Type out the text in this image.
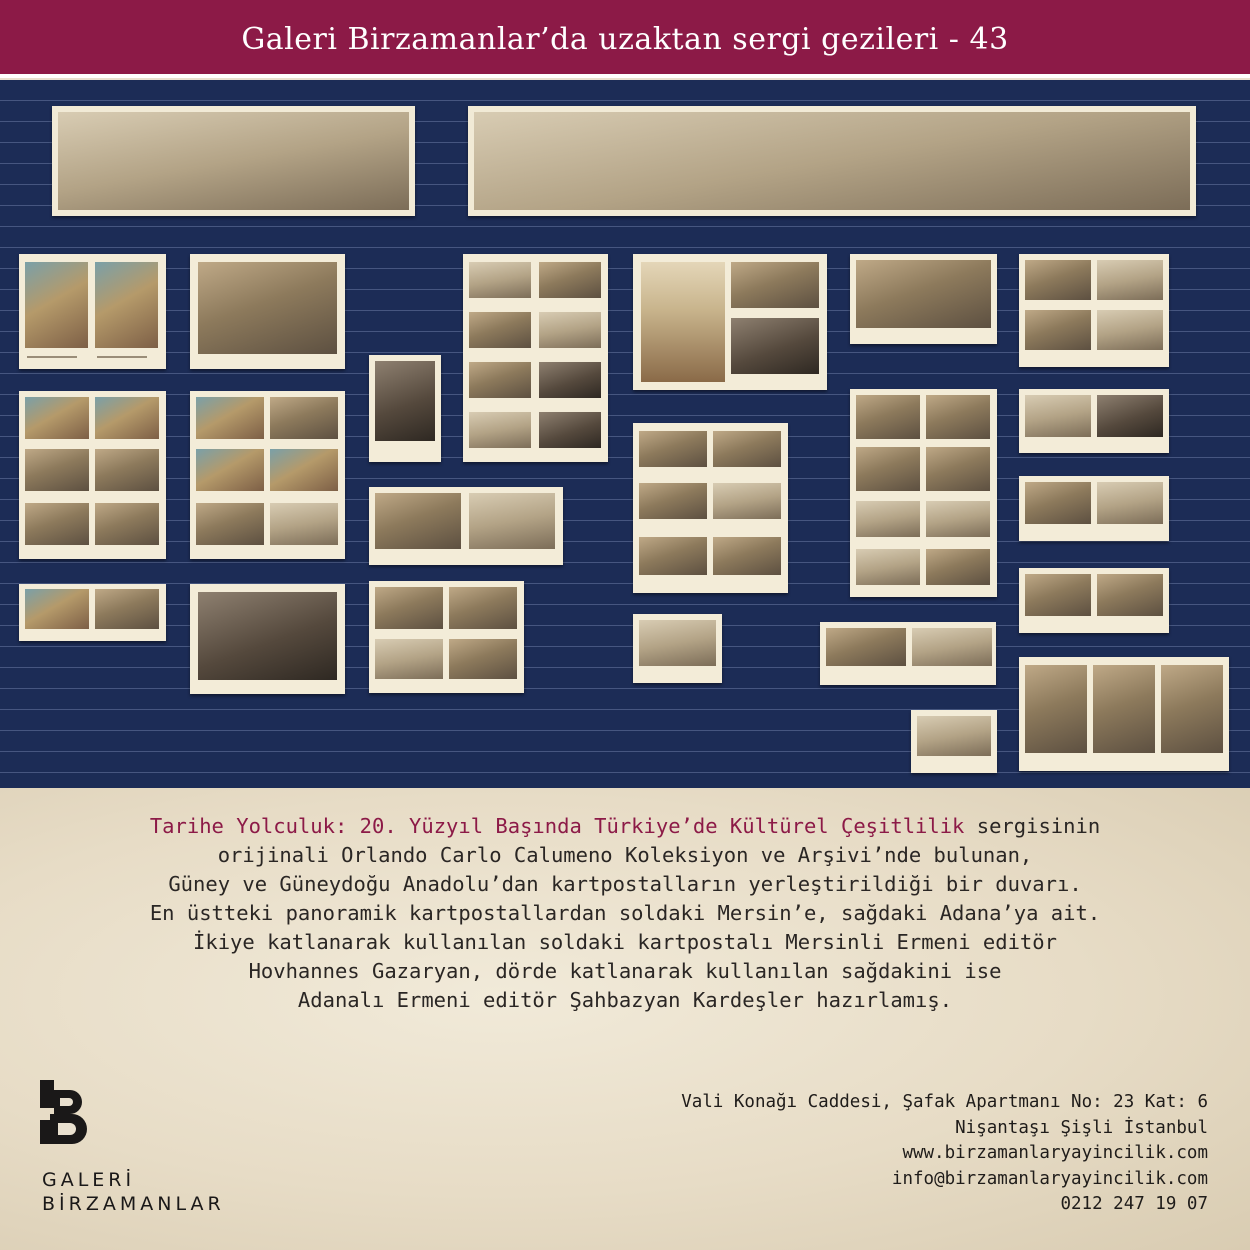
Galeri Birzamanlar’da uzaktan sergi gezileri - 43

Tarihe Yolculuk: 20. Yüzyıl Başında Türkiye’de Kültürel Çeşitlilik sergisinin

orijinali Orlando Carlo Calumeno Koleksiyon ve Arşivi’nde bulunan,

Güney ve Güneydoğu Anadolu’dan kartpostalların yerleştirildiği bir duvarı.

En üstteki panoramik kartpostallardan soldaki Mersin’e, sağdaki Adana’ya ait.

İkiye katlanarak kullanılan soldaki kartpostalı Mersinli Ermeni editör

Hovhannes Gazaryan, dörde katlanarak kullanılan sağdakini ise

Adanalı Ermeni editör Şahbazyan Kardeşler hazırlamış.

GALERİ
BİRZAMANLAR
Vali Konağı Caddesi, Şafak Apartmanı No: 23 Kat: 6
Nişantaşı Şişli İstanbul
www.birzamanlaryayincilik.com
info@birzamanlaryayincilik.com
0212 247 19 07
